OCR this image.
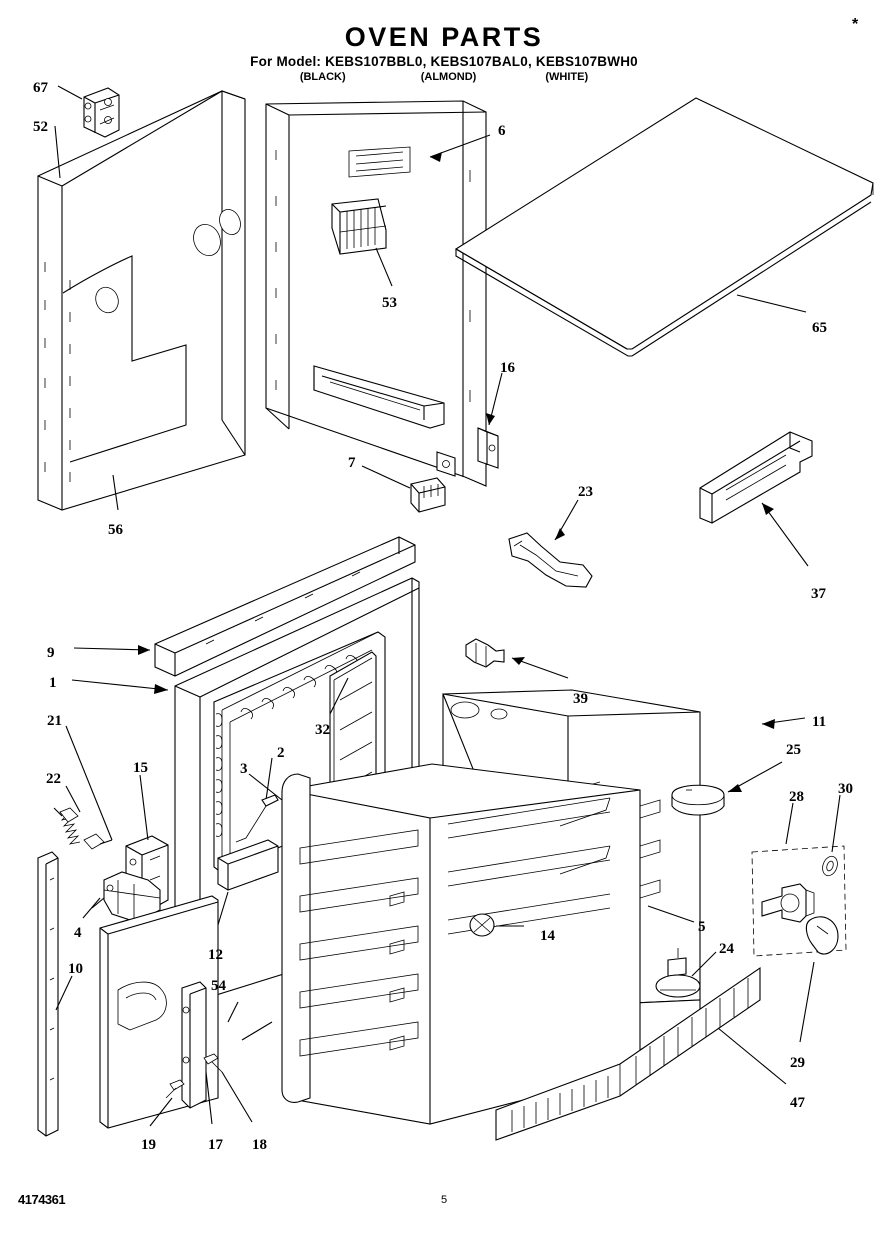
OVEN PARTS
For Model: KEBS107BBL0, KEBS107BAL0, KEBS107BWH0
(BLACK)	(ALMOND)	(WHITE)
*
67
52	6
53
65
16
7
56
23
37
9
1
39
11
21
32
25
15
2
3
22
28 30
4	5
14
24
12
10
54
29
47
19	17 18
4174361	5
